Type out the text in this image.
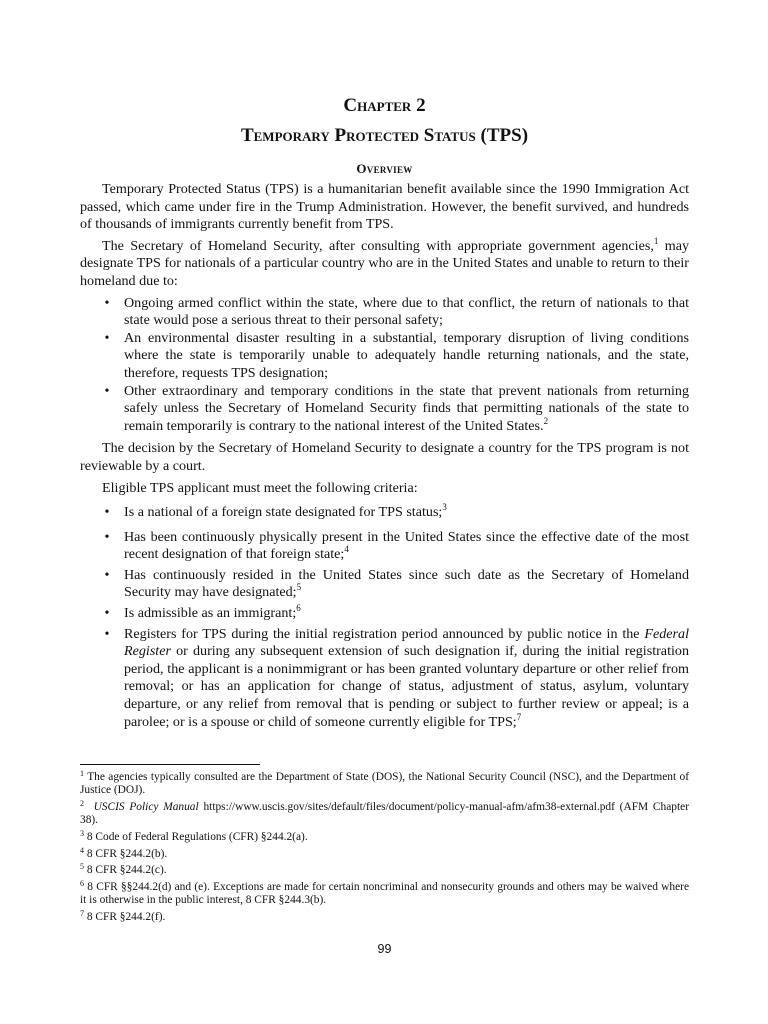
Chapter 2
Temporary Protected Status (TPS)
Overview

Temporary Protected Status (TPS) is a humanitarian benefit available since the 1990 Immigration Act passed, which came under fire in the Trump Administration. However, the benefit survived, and hundreds of thousands of immigrants currently benefit from TPS.

The Secretary of Homeland Security, after consulting with appropriate government agencies,$^1$ may designate TPS for nationals of a particular country who are in the United States and unable to return to their homeland due to:

• Ongoing armed conflict within the state, where due to that conflict, the return of nationals to that state would pose a serious threat to their personal safety;
• An environmental disaster resulting in a substantial, temporary disruption of living conditions where the state is temporarily unable to adequately handle returning nationals, and the state, therefore, requests TPS designation;
• Other extraordinary and temporary conditions in the state that prevent nationals from returning safely unless the Secretary of Homeland Security finds that permitting nationals of the state to remain temporarily is contrary to the national interest of the United States.$^2$

The decision by the Secretary of Homeland Security to designate a country for the TPS program is not reviewable by a court.

Eligible TPS applicant must meet the following criteria:

• Is a national of a foreign state designated for TPS status;$^3$
• Has been continuously physically present in the United States since the effective date of the most recent designation of that foreign state;$^4$
• Has continuously resided in the United States since such date as the Secretary of Homeland Security may have designated;$^5$
• Is admissible as an immigrant;$^6$
• Registers for TPS during the initial registration period announced by public notice in the Federal Register or during any subsequent extension of such designation if, during the initial registration period, the applicant is a nonimmigrant or has been granted voluntary departure or other relief from removal; or has an application for change of status, adjustment of status, asylum, voluntary departure, or any relief from removal that is pending or subject to further review or appeal; is a parolee; or is a spouse or child of someone currently eligible for TPS;$^7$
$^1$ The agencies typically consulted are the Department of State (DOS), the National Security Council (NSC), and the Department of Justice (DOJ).
$^2$ USCIS Policy Manual https://www.uscis.gov/sites/default/files/document/policy-manual-afm/afm38-external.pdf (AFM Chapter 38).
$^3$ 8 Code of Federal Regulations (CFR) §244.2(a).
$^4$ 8 CFR §244.2(b).
$^5$ 8 CFR §244.2(c).
$^6$ 8 CFR §§244.2(d) and (e). Exceptions are made for certain noncriminal and nonsecurity grounds and others may be waived where it is otherwise in the public interest, 8 CFR §244.3(b).
$^7$ 8 CFR §244.2(f).
99
